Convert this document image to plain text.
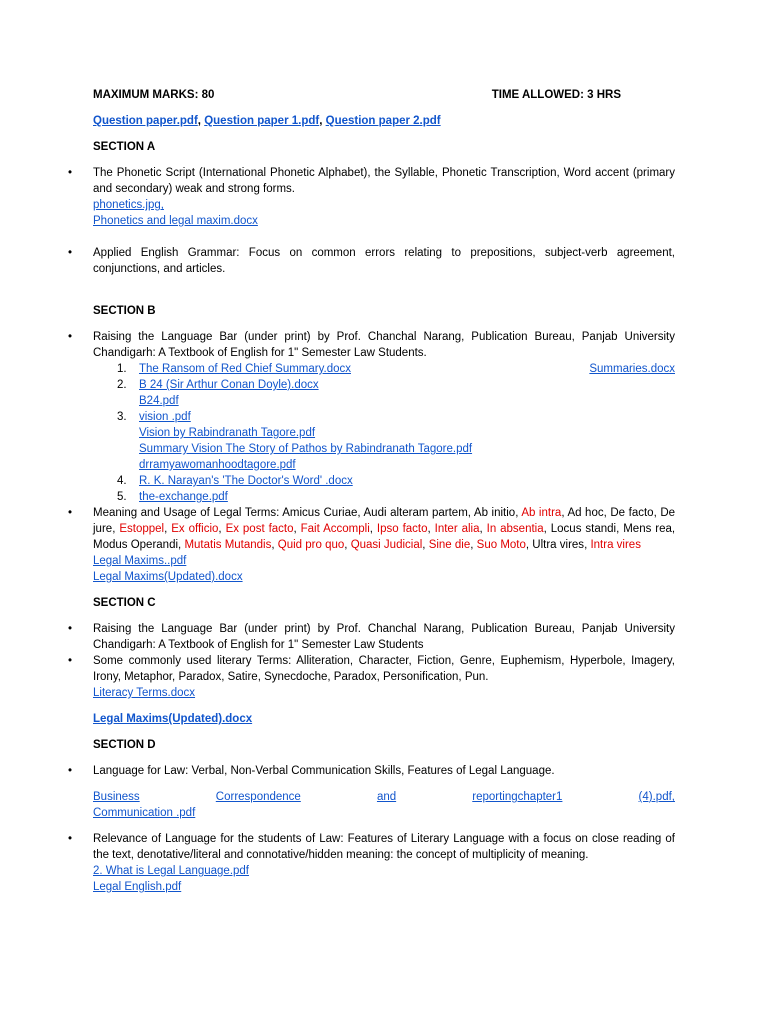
MAXIMUM MARKS: 80	TIME ALLOWED: 3 HRS
Question paper.pdf, Question paper 1.pdf, Question paper 2.pdf
SECTION A
• The Phonetic Script (International Phonetic Alphabet), the Syllable, Phonetic Transcription, Word accent (primary and secondary) weak and strong forms.
phonetics.jpg,
Phonetics and legal maxim.docx
• Applied English Grammar: Focus on common errors relating to prepositions, subject-verb agreement, conjunctions, and articles.
SECTION B
• Raising the Language Bar (under print) by Prof. Chanchal Narang, Publication Bureau, Panjab University Chandigarh: A Textbook of English for 1" Semester Law Students.
1. The Ransom of Red Chief Summary.docx	Summaries.docx
2. B 24 (Sir Arthur Conan Doyle).docx
B24.pdf
3. vision .pdf
Vision by Rabindranath Tagore.pdf
Summary Vision The Story of Pathos by Rabindranath Tagore.pdf
drramyawomanhoodtagore.pdf
4. R. K. Narayan's 'The Doctor's Word' .docx
5. the-exchange.pdf
• Meaning and Usage of Legal Terms: Amicus Curiae, Audi alteram partem, Ab initio, Ab intra, Ad hoc, De facto, De jure, Estoppel, Ex officio, Ex post facto, Fait Accompli, Ipso facto, Inter alia, In absentia, Locus standi, Mens rea, Modus Operandi, Mutatis Mutandis, Quid pro quo, Quasi Judicial, Sine die, Suo Moto, Ultra vires, Intra vires
Legal Maxims..pdf
Legal Maxims(Updated).docx
SECTION C
• Raising the Language Bar (under print) by Prof. Chanchal Narang, Publication Bureau, Panjab University Chandigarh: A Textbook of English for 1" Semester Law Students
• Some commonly used literary Terms: Alliteration, Character, Fiction, Genre, Euphemism, Hyperbole, Imagery, Irony, Metaphor, Paradox, Satire, Synecdoche, Paradox, Personification, Pun.
Literacy Terms.docx
Legal Maxims(Updated).docx
SECTION D
• Language for Law: Verbal, Non-Verbal Communication Skills, Features of Legal Language.
Business	Correspondence	and	reportingchapter1	(4).pdf,
Communication .pdf
• Relevance of Language for the students of Law: Features of Literary Language with a focus on close reading of the text, denotative/literal and connotative/hidden meaning: the concept of multiplicity of meaning.
2. What is Legal Language.pdf
Legal English.pdf
